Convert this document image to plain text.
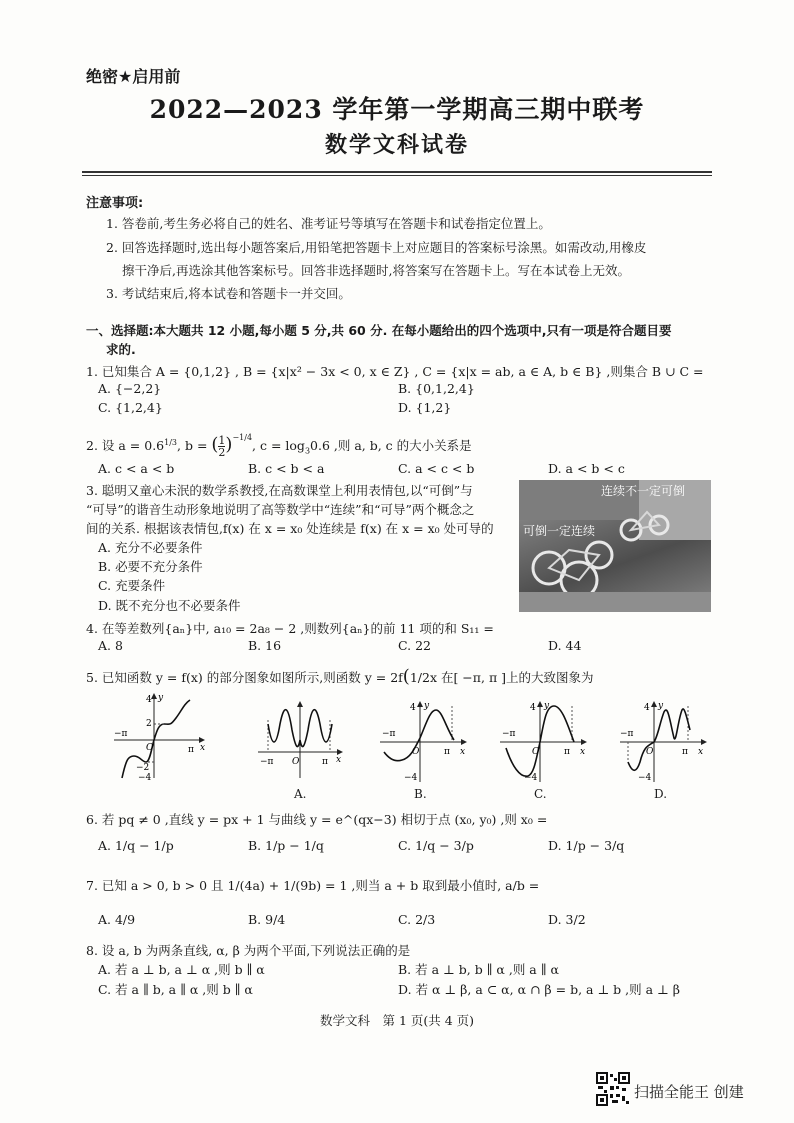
绝密★启用前
2022—2023 学年第一学期高三期中联考
数学文科试卷
注意事项:
1. 答卷前,考生务必将自己的姓名、准考证号等填写在答题卡和试卷指定位置上。
2. 回答选择题时,选出每小题答案后,用铅笔把答题卡上对应题目的答案标号涂黑。如需改动,用橡皮
擦干净后,再选涂其他答案标号。回答非选择题时,将答案写在答题卡上。写在本试卷上无效。
3. 考试结束后,将本试卷和答题卡一并交回。
一、选择题:本大题共 12 小题,每小题 5 分,共 60 分. 在每小题给出的四个选项中,只有一项是符合题目要
求的.
1. 已知集合 A = {0,1,2} , B = {x|x² − 3x < 0, x ∈ Z} , C = {x|x = ab, a ∈ A, b ∈ B} ,则集合 B ∪ C =
A. {−2,2}	B. {0,1,2,4}
C. {1,2,4}	D. {1,2}
2. 设 $a = 0.6^{1/3}$, b = ( $\frac{1}{2} )^{-1/4}$, $c = \log_30.6$ ,则 a, b, c 的大小关系是
A. c < a < b	B. c < b < a	C. a < c < b	D. a < b < c
3. 聪明又童心未泯的数学系教授,在高数课堂上利用表情包,以“可倒”与
“可导”的谐音生动形象地说明了高等数学中“连续”和“可导”两个概念之
间的关系. 根据该表情包,f(x) 在 x = x₀ 处连续是 f(x) 在 x = x₀ 处可导的
A. 充分不必要条件
B. 必要不充分条件
C. 充要条件
D. 既不充分也不必要条件
连续不一定可倒
可倒一定连续
4. 在等差数列{aₙ}中, a₁₀ = 2a₈ − 2 ,则数列{aₙ}的前 11 项的和 S₁₁ =
A. 8	B. 16	C. 22	D. 44
5. 已知函数 y = f(x) 的部分图象如图所示,则函数 y = 2f(1/2x 在[ −π, π ]上的大致图象为
−π
π
O	x
y
4
2
−2
−4
−π O	π x
A.
−π
O	π x
4 y
−4
B.
−π
O	π x
4 y
−4
C.
−π
O	π x
4 y
−4
D.
6. 若 pq ≠ 0 ,直线 y = px + 1 与曲线 y = e^(qx−3) 相切于点 (x₀, y₀) ,则 x₀ =
A. 1/q − 1/p	B. 1/p − 1/q	C. 1/q − 3/p	D. 1/p − 3/q
7. 已知 a > 0, b > 0 且 1/(4a) + 1/(9b) = 1 ,则当 a + b 取到最小值时, a/b =
A. 4/9	B. 9/4	C. 2/3	D. 3/2
8. 设 a, b 为两条直线, α, β 为两个平面,下列说法正确的是
A. 若 a ⊥ b, a ⊥ α ,则 b ∥ α	B. 若 a ⊥ b, b ∥ α ,则 a ∥ α
C. 若 a ∥ b, a ∥ α ,则 b ∥ α	D. 若 α ⊥ β, a ⊂ α, α ∩ β = b, a ⊥ b ,则 a ⊥ β
数学文科　第 1 页(共 4 页)
扫描全能王 创建
